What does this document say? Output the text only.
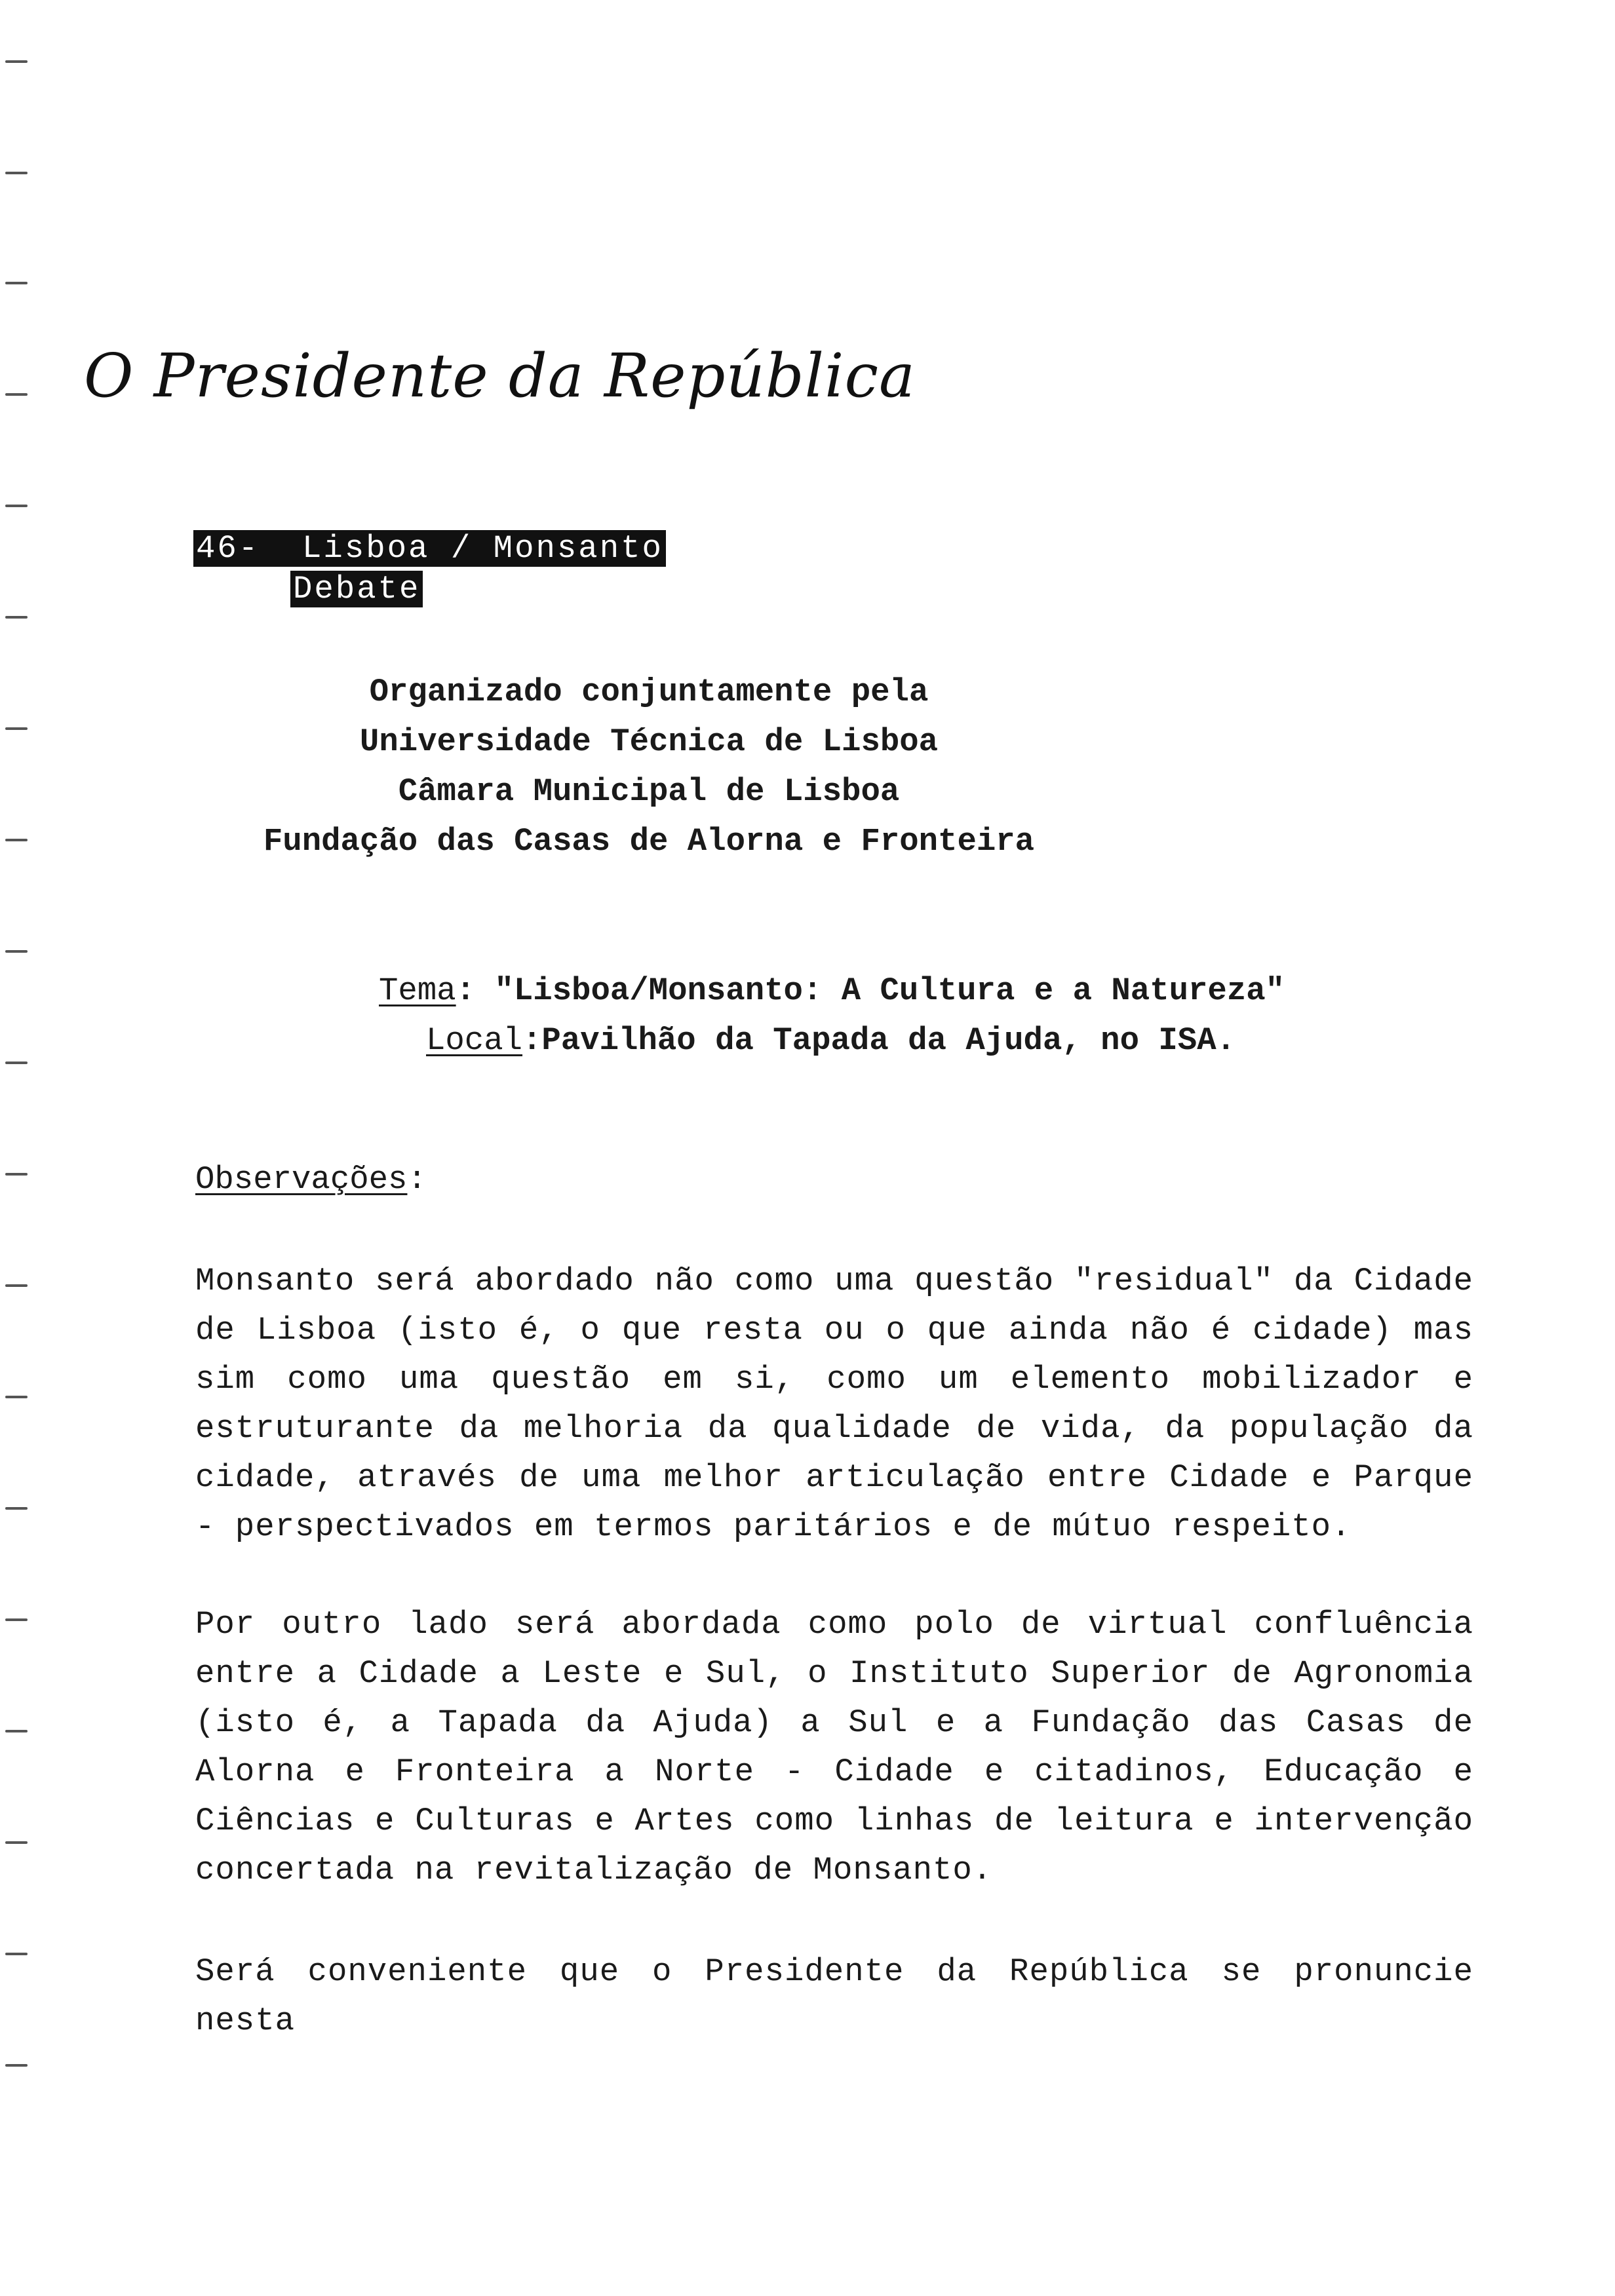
O Presidente da República
46- Lisboa / Monsanto
Debate
Organizado conjuntamente pela
Universidade Técnica de Lisboa
Câmara Municipal de Lisboa
Fundação das Casas de Alorna e Fronteira
Tema: "Lisboa/Monsanto: A Cultura e a Natureza"
Local:Pavilhão da Tapada da Ajuda, no ISA.
Observações:
Monsanto será abordado não como uma questão "residual" da Cidade de Lisboa (isto é, o que resta ou o que ainda não é cidade) mas sim como uma questão em si, como um elemento mobilizador e estruturante da melhoria da qualidade de vida, da população da cidade, através de uma melhor articulação entre Cidade e Parque - perspectivados em termos paritários e de mútuo respeito.
Por outro lado será abordada como polo de virtual confluência entre a Cidade a Leste e Sul, o Instituto Superior de Agronomia (isto é, a Tapada da Ajuda) a Sul e a Fundação das Casas de Alorna e Fronteira a Norte - Cidade e citadinos, Educação e Ciências e Culturas e Artes como linhas de leitura e intervenção concertada na revitalização de Monsanto.
Será conveniente que o Presidente da República se pronuncie nesta
